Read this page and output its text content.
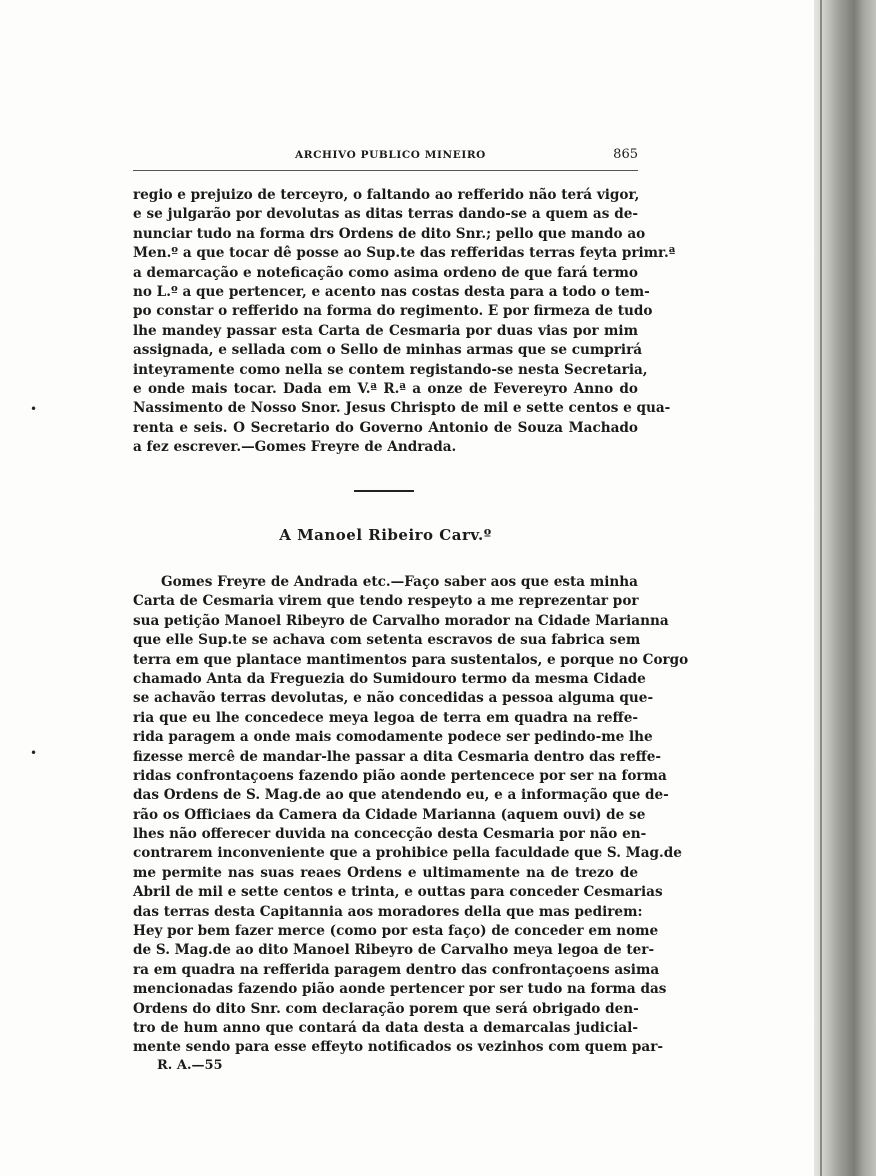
ARCHIVO PUBLICO MINEIRO	865
regio e prejuizo de terceyro, o faltando ao refferido não terá vigor,
e se julgarão por devolutas as ditas terras dando-se a quem as de-
nunciar tudo na forma drs Ordens de dito Snr.; pello que mando ao
Men.º a que tocar dê posse ao Sup.te das refferidas terras feyta primr.ª
a demarcação e noteficação como asima ordeno de que fará termo
no L.º a que pertencer, e acento nas costas desta para a todo o tem-
po constar o refferido na forma do regimento. E por firmeza de tudo
lhe mandey passar esta Carta de Cesmaria por duas vias por mim
assignada, e sellada com o Sello de minhas armas que se cumprirá
inteyramente como nella se contem registando-se nesta Secretaria,
e onde mais tocar. Dada em V.ª R.ª a onze de Fevereyro Anno do
Nassimento de Nosso Snor. Jesus Chrispto de mil e sette centos e qua-
renta e seis. O Secretario do Governo Antonio de Souza Machado
a fez escrever.—Gomes Freyre de Andrada.
A Manoel Ribeiro Carv.º
Gomes Freyre de Andrada etc.—Faço saber aos que esta minha
Carta de Cesmaria virem que tendo respeyto a me reprezentar por
sua petição Manoel Ribeyro de Carvalho morador na Cidade Marianna
que elle Sup.te se achava com setenta escravos de sua fabrica sem
terra em que plantace mantimentos para sustentalos, e porque no Corgo
chamado Anta da Freguezia do Sumidouro termo da mesma Cidade
se achavão terras devolutas, e não concedidas a pessoa alguma que-
ria que eu lhe concedece meya legoa de terra em quadra na reffe-
rida paragem a onde mais comodamente podece ser pedindo-me lhe
fizesse mercê de mandar-lhe passar a dita Cesmaria dentro das reffe-
ridas confrontaçoens fazendo pião aonde pertencece por ser na forma
das Ordens de S. Mag.de ao que atendendo eu, e a informação que de-
rão os Officiaes da Camera da Cidade Marianna (aquem ouvi) de se
lhes não offerecer duvida na concecção desta Cesmaria por não en-
contrarem inconveniente que a prohibice pella faculdade que S. Mag.de
me permite nas suas reaes Ordens e ultimamente na de trezo de
Abril de mil e sette centos e trinta, e outtas para conceder Cesmarias
das terras desta Capitannia aos moradores della que mas pedirem:
Hey por bem fazer merce (como por esta faço) de conceder em nome
de S. Mag.de ao dito Manoel Ribeyro de Carvalho meya legoa de ter-
ra em quadra na refferida paragem dentro das confrontaçoens asima
mencionadas fazendo pião aonde pertencer por ser tudo na forma das
Ordens do dito Snr. com declaração porem que será obrigado den-
tro de hum anno que contará da data desta a demarcalas judicial-
mente sendo para esse effeyto notificados os vezinhos com quem par-
R. A.—55
•
•
